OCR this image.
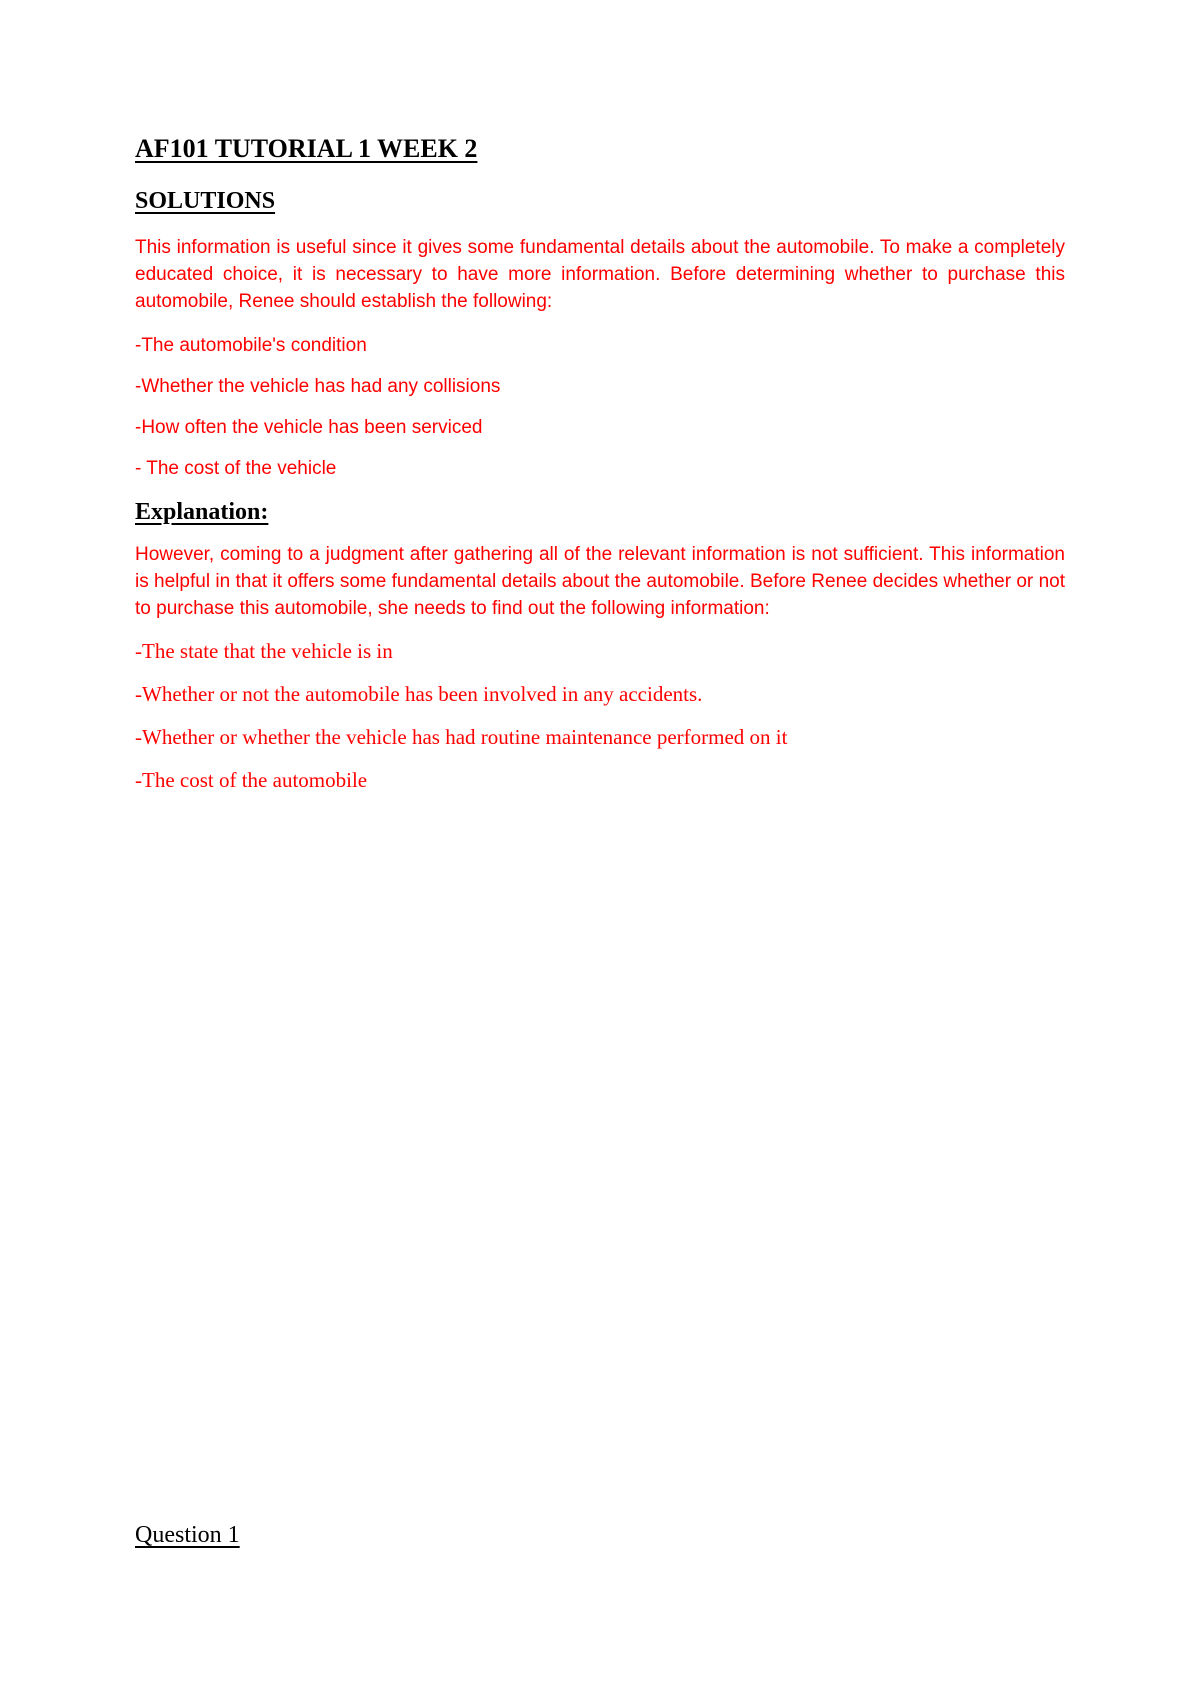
AF101 TUTORIAL 1 WEEK 2
SOLUTIONS

This information is useful since it gives some fundamental details about the automobile. To make a completely educated choice, it is necessary to have more information. Before determining whether to purchase this automobile, Renee should establish the following:

-The automobile's condition
-Whether the vehicle has had any collisions
-How often the vehicle has been serviced
- The cost of the vehicle
Explanation:

However, coming to a judgment after gathering all of the relevant information is not sufficient. This information is helpful in that it offers some fundamental details about the automobile. Before Renee decides whether or not to purchase this automobile, she needs to find out the following information:

-The state that the vehicle is in
-Whether or not the automobile has been involved in any accidents.
-Whether or whether the vehicle has had routine maintenance performed on it
-The cost of the automobile
Question 1
